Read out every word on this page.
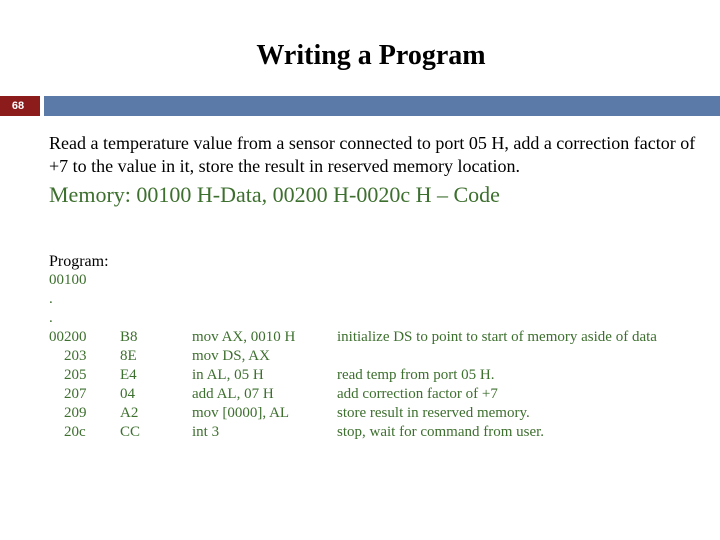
Writing a Program
68
Read a temperature value from a sensor connected to port 05 H, add a correction factor of +7 to the value in it, store the result in reserved memory location.
Memory: 00100 H-Data, 00200 H-0020c H – Code
Program:
00100
.
.
00200
203
205
207
209
20c
B8
8E
E4
04
A2
CC
mov AX, 0010 H
mov DS, AX
in AL, 05 H
add AL, 07 H
mov [0000], AL
int 3
initialize DS to point to start of memory aside of data
read temp from port 05 H.
add correction factor of +7
store result in reserved memory.
stop, wait for command from user.
